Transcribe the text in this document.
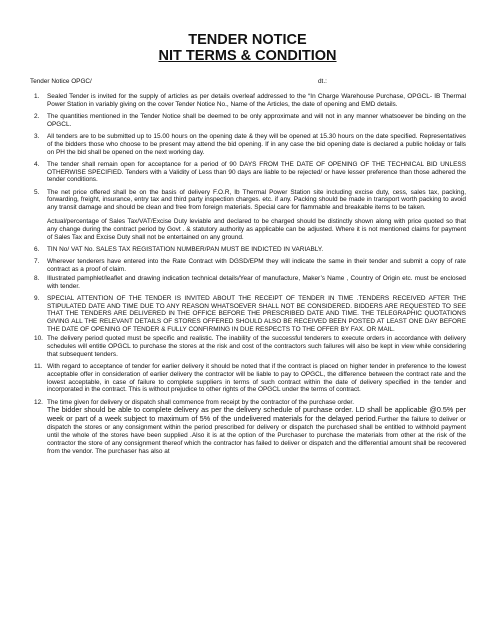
TENDER NOTICE
NIT TERMS & CONDITION
Tender Notice OPGC/	dt.:
1. Sealed Tender is invited for the supply of articles as per details overleaf addressed to the “In Charge Warehouse Purchase, OPGCL- IB Thermal Power Station in variably giving on the cover Tender Notice No., Name of the Articles, the date of opening and EMD details.

2. The quantities mentioned in the Tender Notice shall be deemed to be only approximate and will not in any manner whatsoever be binding on the OPGCL.

3. All tenders are to be submitted up to 15.00 hours on the opening date & they will be opened at 15.30 hours on the date specified. Representatives of the bidders those who choose to be present may attend the bid opening. If in any case the bid opening date is declared a public holiday or falls on PH the bid shall be opened on the next working day.

4. The tender shall remain open for acceptance for a period of 90 DAYS FROM THE DATE OF OPENING OF THE TECHNICAL BID UNLESS OTHERWISE SPECIFIED. Tenders with a Validity of Less than 90 days are liable to be rejected/ or have lesser preference than those adhered the tender conditions.

5. The net price offered shall be on the basis of delivery F.O.R, Ib Thermal Power Station site including excise duty, cess, sales tax, packing, forwarding, freight, insurance, entry tax and third party inspection charges. etc. if any. Packing should be made in transport worth packing to avoid any transit damage and should be clean and free from foreign materials. Special care for flammable and breakable items to be taken.

Actual/percentage of Sales Tax/VAT/Excise Duty leviable and declared to be charged should be distinctly shown along with price quoted so that any change during the contract period by Govt . & statutory authority as applicable can be adjusted. Where it is not mentioned claims for payment of Sales Tax and Excise Duty shall not be entertained on any ground.

6. TIN No/ VAT No. SALES TAX REGISTATION NUMBER/PAN MUST BE INDICTED IN VARIABLY.

7. Wherever tenderers have entered into the Rate Contract with DGSD/EPM they will indicate the same in their tender and submit a copy of rate contract as a proof of claim.

8. Illustrated pamphlet/leaflet and drawing indication technical details/Year of manufacture, Maker’s Name , Country of Origin etc. must be enclosed with tender.

9. SPECIAL ATTENTION OF THE TENDER IS INVITED ABOUT THE RECEIPT OF TENDER IN TIME .TENDERS RECEIVED AFTER THE STIPULATED DATE AND TIME DUE TO ANY REASON WHATSOEVER SHALL NOT BE CONSIDERED. BIDDERS ARE REQUESTED TO SEE THAT THE TENDERS ARE DELIVERED IN THE OFFICE BEFORE THE PRESCRIBED DATE AND TIME. THE TELEGRAPHIC QUOTATIONS GIVING ALL THE RELEVANT DETAILS OF STORES OFFERED SHOULD ALSO BE RECEIVED BEEN POSTED AT LEAST ONE DAY BEFORE THE DATE OF OPENING OF TENDER & FULLY CONFIRMING IN DUE RESPECTS TO THE OFFER BY FAX. OR MAIL.

10. The delivery period quoted must be specific and realistic. The inability of the successful tenderers to execute orders in accordance with delivery schedules will entitle OPGCL to purchase the stores at the risk and cost of the contractors such failures will also be kept in view while considering that subsequent tenders.

11. With regard to acceptance of tender for earlier delivery it should be noted that if the contract is placed on higher tender in preference to the lowest acceptable offer in consideration of earlier delivery the contractor will be liable to pay to OPGCL, the difference between the contract rate and the lowest acceptable, in case of failure to complete suppliers in terms of such contract within the date of delivery specified in the tender and incorporated in the contract. This is without prejudice to other rights of the OPGCL under the terms of contract.

12. The time given for delivery or dispatch shall commence from receipt by the contractor of the purchase order.
The bidder should be able to complete delivery as per the delivery schedule of purchase order. LD shall be applicable @0.5% per week or part of a week subject to maximum of 5% of the undelivered materials for the delayed period.Further the failure to deliver or dispatch the stores or any consignment within the period prescribed for delivery or dispatch the purchased shall be entitled to withhold payment until the whole of the stores have been supplied .Also it is at the option of the Purchaser to purchase the materials from other at the risk of the contractor the store of any consignment thereof which the contractor has failed to deliver or dispatch and the differential amount shall be recovered from the vendor. The purchaser has also at
